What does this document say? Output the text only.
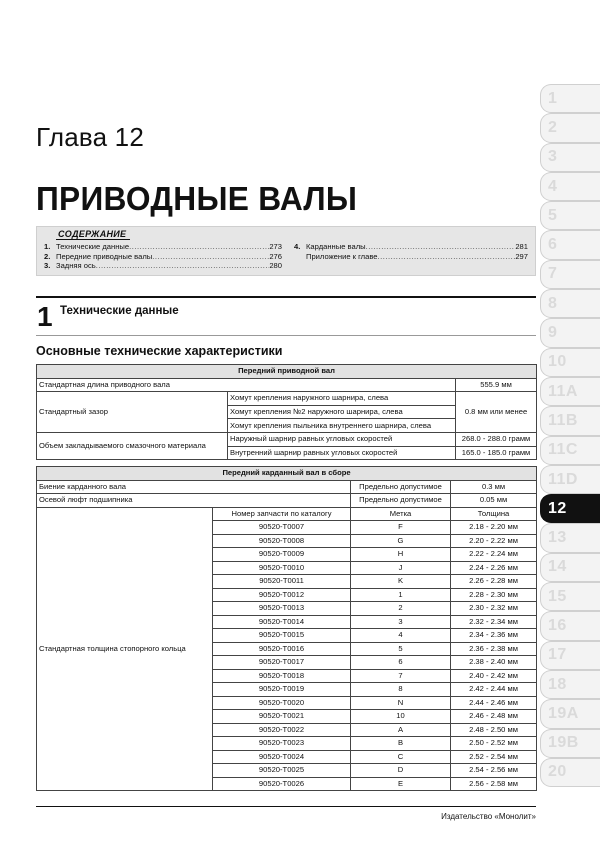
Глава 12
ПРИВОДНЫЕ ВАЛЫ
СОДЕРЖАНИЕ
1. Технические данные .....	273
2. Передние приводные валы .....	276
3. Задняя ось .....	280
4. Карданные валы .....	281
Приложение к главе .....	297
1 Технические данные
Основные технические характеристики
Передний приводной вал		
Стандартная длина приводного вала		555.9 мм
Стандартный зазор	Хомут крепления наружного шарнира, слева	0.8 мм или менее
	Хомут крепления №2 наружного шарнира, слева	
	Хомут крепления пыльника внутреннего шарнира, слева	
Объем закладываемого смазочного материала	Наружный шарнир равных угловых скоростей	268.0 - 288.0 грамм
	Внутренний шарнир равных угловых скоростей	165.0 - 185.0 грамм
Передний карданный вал в сборе			
Биение карданного вала		Предельно допустимое	0.3 мм
Осевой люфт подшипника		Предельно допустимое	0.05 мм
Стандартная толщина стопорного кольца	Номер запчасти по каталогу	Метка	Толщина
	90520-T0007	F	2.18 - 2.20 мм
	90520-T0008	G	2.20 - 2.22 мм
	90520-T0009	H	2.22 - 2.24 мм
	90520-T0010	J	2.24 - 2.26 мм
	90520-T0011	K	2.26 - 2.28 мм
	90520-T0012	1	2.28 - 2.30 мм
	90520-T0013	2	2.30 - 2.32 мм
	90520-T0014	3	2.32 - 2.34 мм
	90520-T0015	4	2.34 - 2.36 мм
	90520-T0016	5	2.36 - 2.38 мм
	90520-T0017	6	2.38 - 2.40 мм
	90520-T0018	7	2.40 - 2.42 мм
	90520-T0019	8	2.42 - 2.44 мм
	90520-T0020	N	2.44 - 2.46 мм
	90520-T0021	10	2.46 - 2.48 мм
	90520-T0022	A	2.48 - 2.50 мм
	90520-T0023	B	2.50 - 2.52 мм
	90520-T0024	C	2.52 - 2.54 мм
	90520-T0025	D	2.54 - 2.56 мм
	90520-T0026	E	2.56 - 2.58 мм
1
2
3
4
5
6
7
8
9
10
11A
11B
11C
11D
12
13
14
15
16
17
18
19A
19B
20
Издательство «Монолит»
